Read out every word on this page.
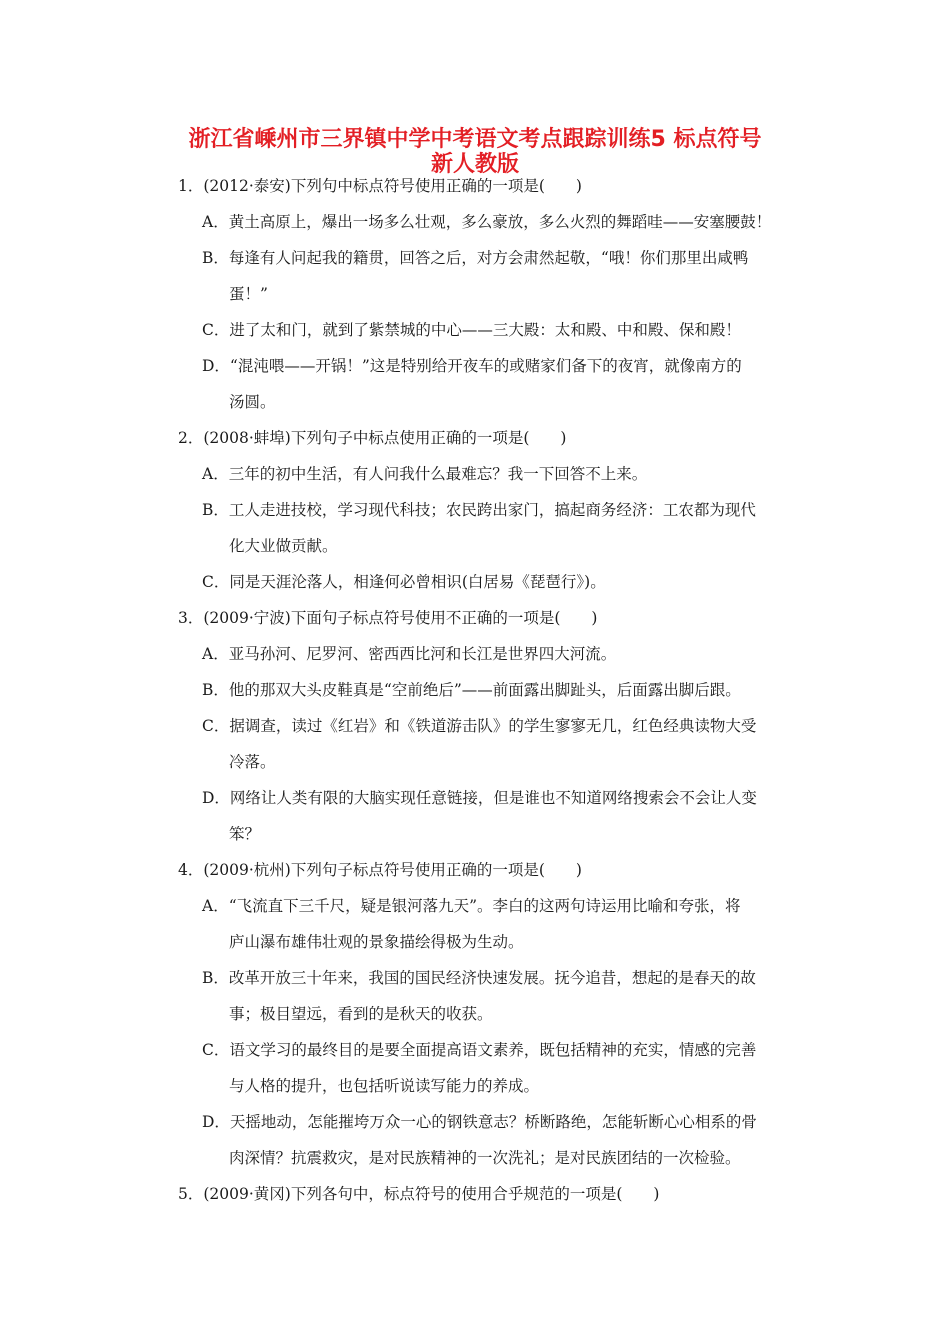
浙江省嵊州市三界镇中学中考语文考点跟踪训练5 标点符号
新人教版
1．(2012·泰安)下列句中标点符号使用正确的一项是(　　)
A．黄土高原上，爆出一场多么壮观，多么豪放，多么火烈的舞蹈哇——安塞腰鼓！
B．每逢有人问起我的籍贯，回答之后，对方会肃然起敬，“哦！你们那里出咸鸭
蛋！”
C．进了太和门，就到了紫禁城的中心——三大殿：太和殿、中和殿、保和殿！
D．“混沌喂——开锅！”这是特别给开夜车的或赌家们备下的夜宵，就像南方的
汤圆。
2．(2008·蚌埠)下列句子中标点使用正确的一项是(　　)
A．三年的初中生活，有人问我什么最难忘？我一下回答不上来。
B．工人走进技校，学习现代科技；农民跨出家门，搞起商务经济：工农都为现代
化大业做贡献。
C．同是天涯沦落人，相逢何必曾相识(白居易《琵琶行》)。
3．(2009·宁波)下面句子标点符号使用不正确的一项是(　　)
A．亚马孙河、尼罗河、密西西比河和长江是世界四大河流。
B．他的那双大头皮鞋真是“空前绝后”——前面露出脚趾头，后面露出脚后跟。
C．据调查，读过《红岩》和《铁道游击队》的学生寥寥无几，红色经典读物大受
冷落。
D．网络让人类有限的大脑实现任意链接，但是谁也不知道网络搜索会不会让人变
笨？
4．(2009·杭州)下列句子标点符号使用正确的一项是(　　)
A．“飞流直下三千尺，疑是银河落九天”。李白的这两句诗运用比喻和夸张，将
庐山瀑布雄伟壮观的景象描绘得极为生动。
B．改革开放三十年来，我国的国民经济快速发展。抚今追昔，想起的是春天的故
事；极目望远，看到的是秋天的收获。
C．语文学习的最终目的是要全面提高语文素养，既包括精神的充实，情感的完善
与人格的提升，也包括听说读写能力的养成。
D．天摇地动，怎能摧垮万众一心的钢铁意志？桥断路绝，怎能斩断心心相系的骨
肉深情？抗震救灾，是对民族精神的一次洗礼；是对民族团结的一次检验。
5．(2009·黄冈)下列各句中，标点符号的使用合乎规范的一项是(　　)
